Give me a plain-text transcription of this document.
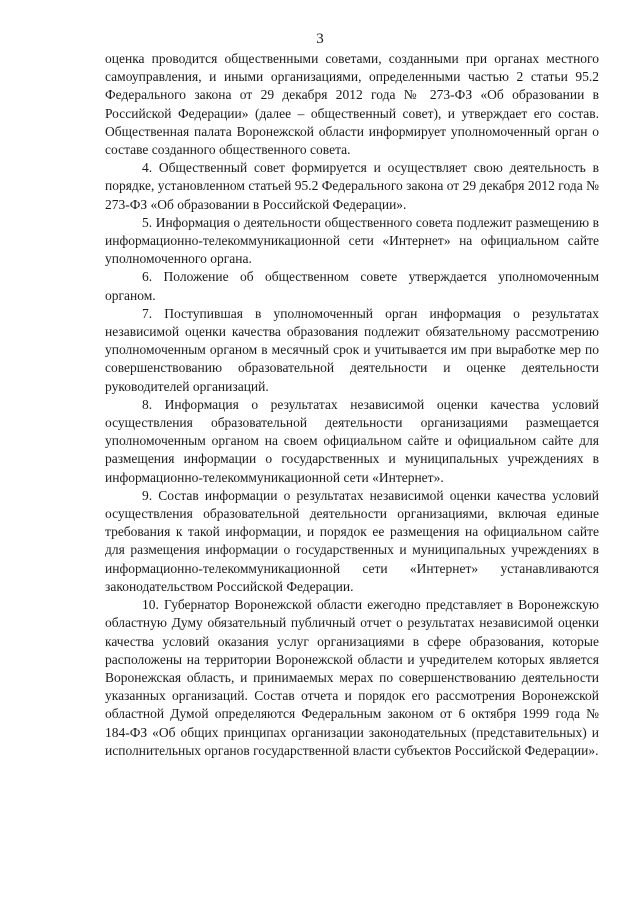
3

оценка проводится общественными советами, созданными при органах местного самоуправления, и иными организациями, определенными частью 2 статьи 95.2 Федерального закона от 29 декабря 2012 года № 273-ФЗ «Об образовании в Российской Федерации» (далее – общественный совет), и утверждает его состав. Общественная палата Воронежской области информирует уполномоченный орган о составе созданного общественного совета.

4. Общественный совет формируется и осуществляет свою деятельность в порядке, установленном статьей 95.2 Федерального закона от 29 декабря 2012 года № 273-ФЗ «Об образовании в Российской Федерации».

5. Информация о деятельности общественного совета подлежит размещению в информационно-телекоммуникационной сети «Интернет» на официальном сайте уполномоченного органа.

6. Положение об общественном совете утверждается уполномоченным органом.

7. Поступившая в уполномоченный орган информация о результатах независимой оценки качества образования подлежит обязательному рассмотрению уполномоченным органом в месячный срок и учитывается им при выработке мер по совершенствованию образовательной деятельности и оценке деятельности руководителей организаций.

8. Информация о результатах независимой оценки качества условий осуществления образовательной деятельности организациями размещается уполномоченным органом на своем официальном сайте и официальном сайте для размещения информации о государственных и муниципальных учреждениях в информационно-телекоммуникационной сети «Интернет».

9. Состав информации о результатах независимой оценки качества условий осуществления образовательной деятельности организациями, включая единые требования к такой информации, и порядок ее размещения на официальном сайте для размещения информации о государственных и муниципальных учреждениях в информационно-телекоммуникационной сети «Интернет» устанавливаются законодательством Российской Федерации.

10. Губернатор Воронежской области ежегодно представляет в Воронежскую областную Думу обязательный публичный отчет о результатах независимой оценки качества условий оказания услуг организациями в сфере образования, которые расположены на территории Воронежской области и учредителем которых является Воронежская область, и принимаемых мерах по совершенствованию деятельности указанных организаций. Состав отчета и порядок его рассмотрения Воронежской областной Думой определяются Федеральным законом от 6 октября 1999 года № 184-ФЗ «Об общих принципах организации законодательных (представительных) и исполнительных органов государственной власти субъектов Российской Федерации».
